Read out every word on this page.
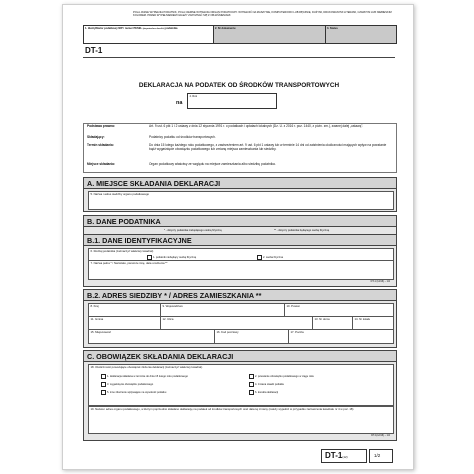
POLA JASNE WYPEŁNIA PODATNIK, POLA CIEMNE WYPEŁNIA ORGAN PODATKOWY. WYPEŁNIĆ NA MASZYNIE, KOMPUTEROWO LUB RĘCZNIE, DUŻYMI, DRUKOWANYMI LITERAMI, CZARNYM LUB NIEBIESKIM KOLOREM. PRZED WYPEŁNIENIEM NALEŻY ZAPOZNAĆ SIĘ Z OBJAŚNIENIAMI.
1. Identyfikator podatkowy NIP / numer PESEL (niepotrzebne skreślić) podatnika	2. Nr dokumentu	3. Status
DT-1
DEKLARACJA NA PODATEK OD ŚRODKÓW TRANSPORTOWYCH
na
4. Rok
Podstawa prawna:	Art. 9 ust. 6 pkt 1 i 2 ustawy z dnia 12 stycznia 1991 r. o podatkach i opłatach lokalnych (Dz. U. z 2016 r. poz. 1440, z późn. zm.), zwanej dalej „ustawą”.
Składający:	Podatnicy podatku od środków transportowych.
Termin składania:	Do dnia 15 lutego każdego roku podatkowego, z zastrzeżeniem art. 9 ust. 6 pkt 1 ustawy lub w terminie 14 dni od zaistnienia okoliczności mających wpływ na powstanie bądź wygaśnięcie obowiązku podatkowego lub zmianę miejsca zamieszkania lub siedziby.
Miejsce składania:	Organ podatkowy właściwy ze względu na miejsce zamieszkania albo siedzibę podatnika.
A. MIEJSCE SKŁADANIA DEKLARACJI
5. Nazwa i adres siedziby organu podatkowego
B. DANE PODATNIKA
* - dotyczy podatnika niebędącego osobą fizyczną	** - dotyczy podatnika będącego osobą fizyczną
B.1. DANE IDENTYFIKACYJNE
6. Rodzaj podatnika (zaznaczyć właściwy kwadrat)
1. podatnik niebędący osobą fizyczną	2. osoba fizyczna
7. Nazwa pełna * / Nazwisko, pierwsze imię, data urodzenia **
DT-1 (12/16) – 1/2
B.2. ADRES SIEDZIBY * / ADRES ZAMIESZKANIA **
8. Kraj	9. Województwo	10. Powiat
11. Gmina	12. Ulica	13. Nr domu	14. Nr lokalu
15. Miejscowość	16. Kod pocztowy	17. Poczta
C. OBOWIĄZEK SKŁADANIA DEKLARACJI
18. Okoliczności powodujące obowiązek złożenia deklaracji (zaznaczyć właściwy kwadrat)
1. deklaracja składana w terminie do dnia 15 lutego roku podatkowego	2. powstanie obowiązku podatkowego w ciągu roku
3. wygaśnięcie obowiązku podatkowego	4. zmiana stawki podatku
5. inne zdarzenie wpływające na wysokość podatku	6. korekta deklaracji
19. Nazwa i adres organu podatkowego, w którym poprzednio składano deklarację na podatek od środków transportowych oraz data tej zmiany (należy wypełnić w przypadku zaznaczenia kwadratu nr 4 w poz. 18)
DT-1(12/16) – 1/2
DT-1(12)	1/2
